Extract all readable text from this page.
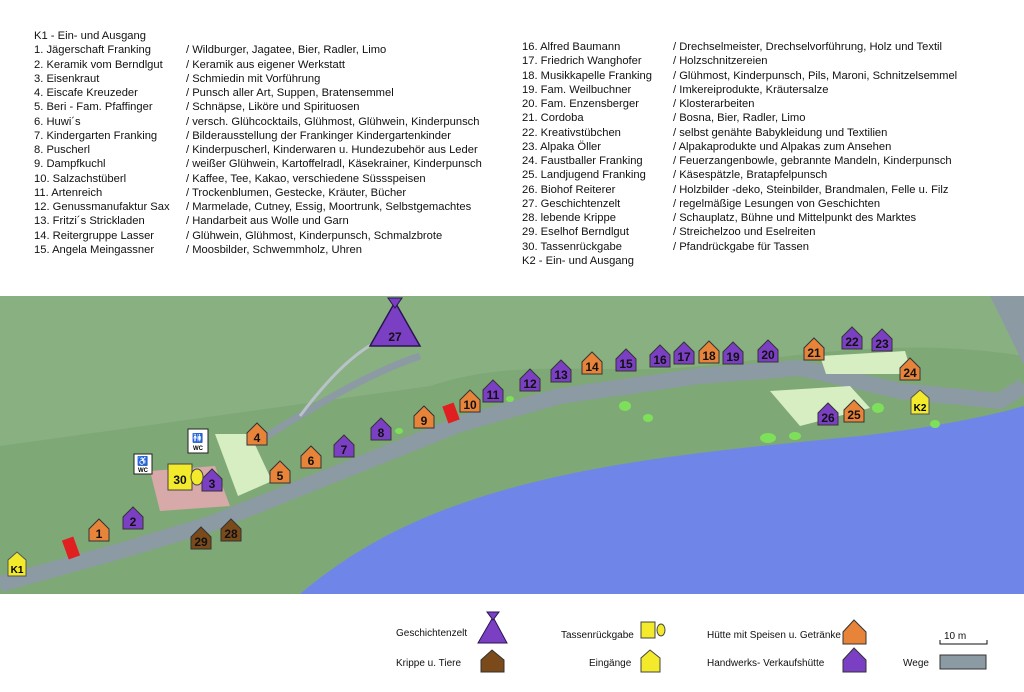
K1 - Ein- und Ausgang
1. Jägerschaft Franking	/ Wildburger, Jagatee, Bier, Radler, Limo
2. Keramik vom Berndlgut / Keramik aus eigener Werkstatt
3. Eisenkraut	/ Schmiedin mit Vorführung
4. Eiscafe Kreuzeder	/ Punsch aller Art, Suppen, Bratensemmel
5. Beri - Fam. Pfaffinger	/ Schnäpse, Liköre und Spirituosen
6. Huwi´s	/ versch. Glühcocktails, Glühmost, Glühwein, Kinderpunsch
7. Kindergarten Franking	/ Bilderausstellung der Frankinger Kindergartenkinder
8. Puscherl	/ Kinderpuscherl, Kinderwaren u. Hundezubehör aus Leder
9. Dampfkuchl	/ weißer Glühwein, Kartoffelradl, Käsekrainer, Kinderpunsch
10. Salzachstüberl	/ Kaffee, Tee, Kakao, verschiedene Süssspeisen
11. Artenreich	/ Trockenblumen, Gestecke, Kräuter, Bücher
12. Genussmanufaktur Sax / Marmelade, Cutney, Essig, Moortrunk, Selbstgemachtes
13. Fritzi´s Strickladen	/ Handarbeit aus Wolle und Garn
14. Reitergruppe Lasser	/ Glühwein, Glühmost, Kinderpunsch, Schmalzbrote
15. Angela Meingassner	/ Moosbilder, Schwemmholz, Uhren
16. Alfred Baumann	/ Drechselmeister, Drechselvorführung, Holz und Textil
17. Friedrich Wanghofer	/ Holzschnitzereien
18. Musikkapelle Franking / Glühmost, Kinderpunsch, Pils, Maroni, Schnitzelsemmel
19. Fam. Weilbuchner	/ Imkereiprodukte, Kräutersalze
20. Fam. Enzensberger	/ Klosterarbeiten
21. Cordoba	/ Bosna, Bier, Radler, Limo
22. Kreativstübchen	/ selbst genähte Babykleidung und Textilien
23. Alpaka Öller	/ Alpakaprodukte und Alpakas zum Ansehen
24. Faustballer Franking	/ Feuerzangenbowle, gebrannte Mandeln, Kinderpunsch
25. Landjugend Franking / Käsespätzle, Bratapfelpunsch
26. Biohof Reiterer	/ Holzbilder -deko, Steinbilder, Brandmalen, Felle u. Filz
27. Geschichtenzelt	/ regelmäßige Lesungen von Geschichten
28. lebende Krippe	/ Schauplatz, Bühne und Mittelpunkt des Marktes
29. Eselhof Berndlgut	/ Streichelzoo und Eselreiten
30. Tassenrückgabe	/ Pfandrückgabe für Tassen
K2 - Ein- und Ausgang
1
4
5
6
9
10
14
18	21
24
25
2
3
7
8
11
12
13
15 16 17	19 20
22 23
26
28
29
27
30
♿
WC
🚻
WC
K1
K2
Geschichtenzelt
Krippe u. Tiere
Tassenrückgabe
Eingänge
Hütte mit Speisen u. Getränke
Handwerks- Verkaufshütte
10 m
Wege
